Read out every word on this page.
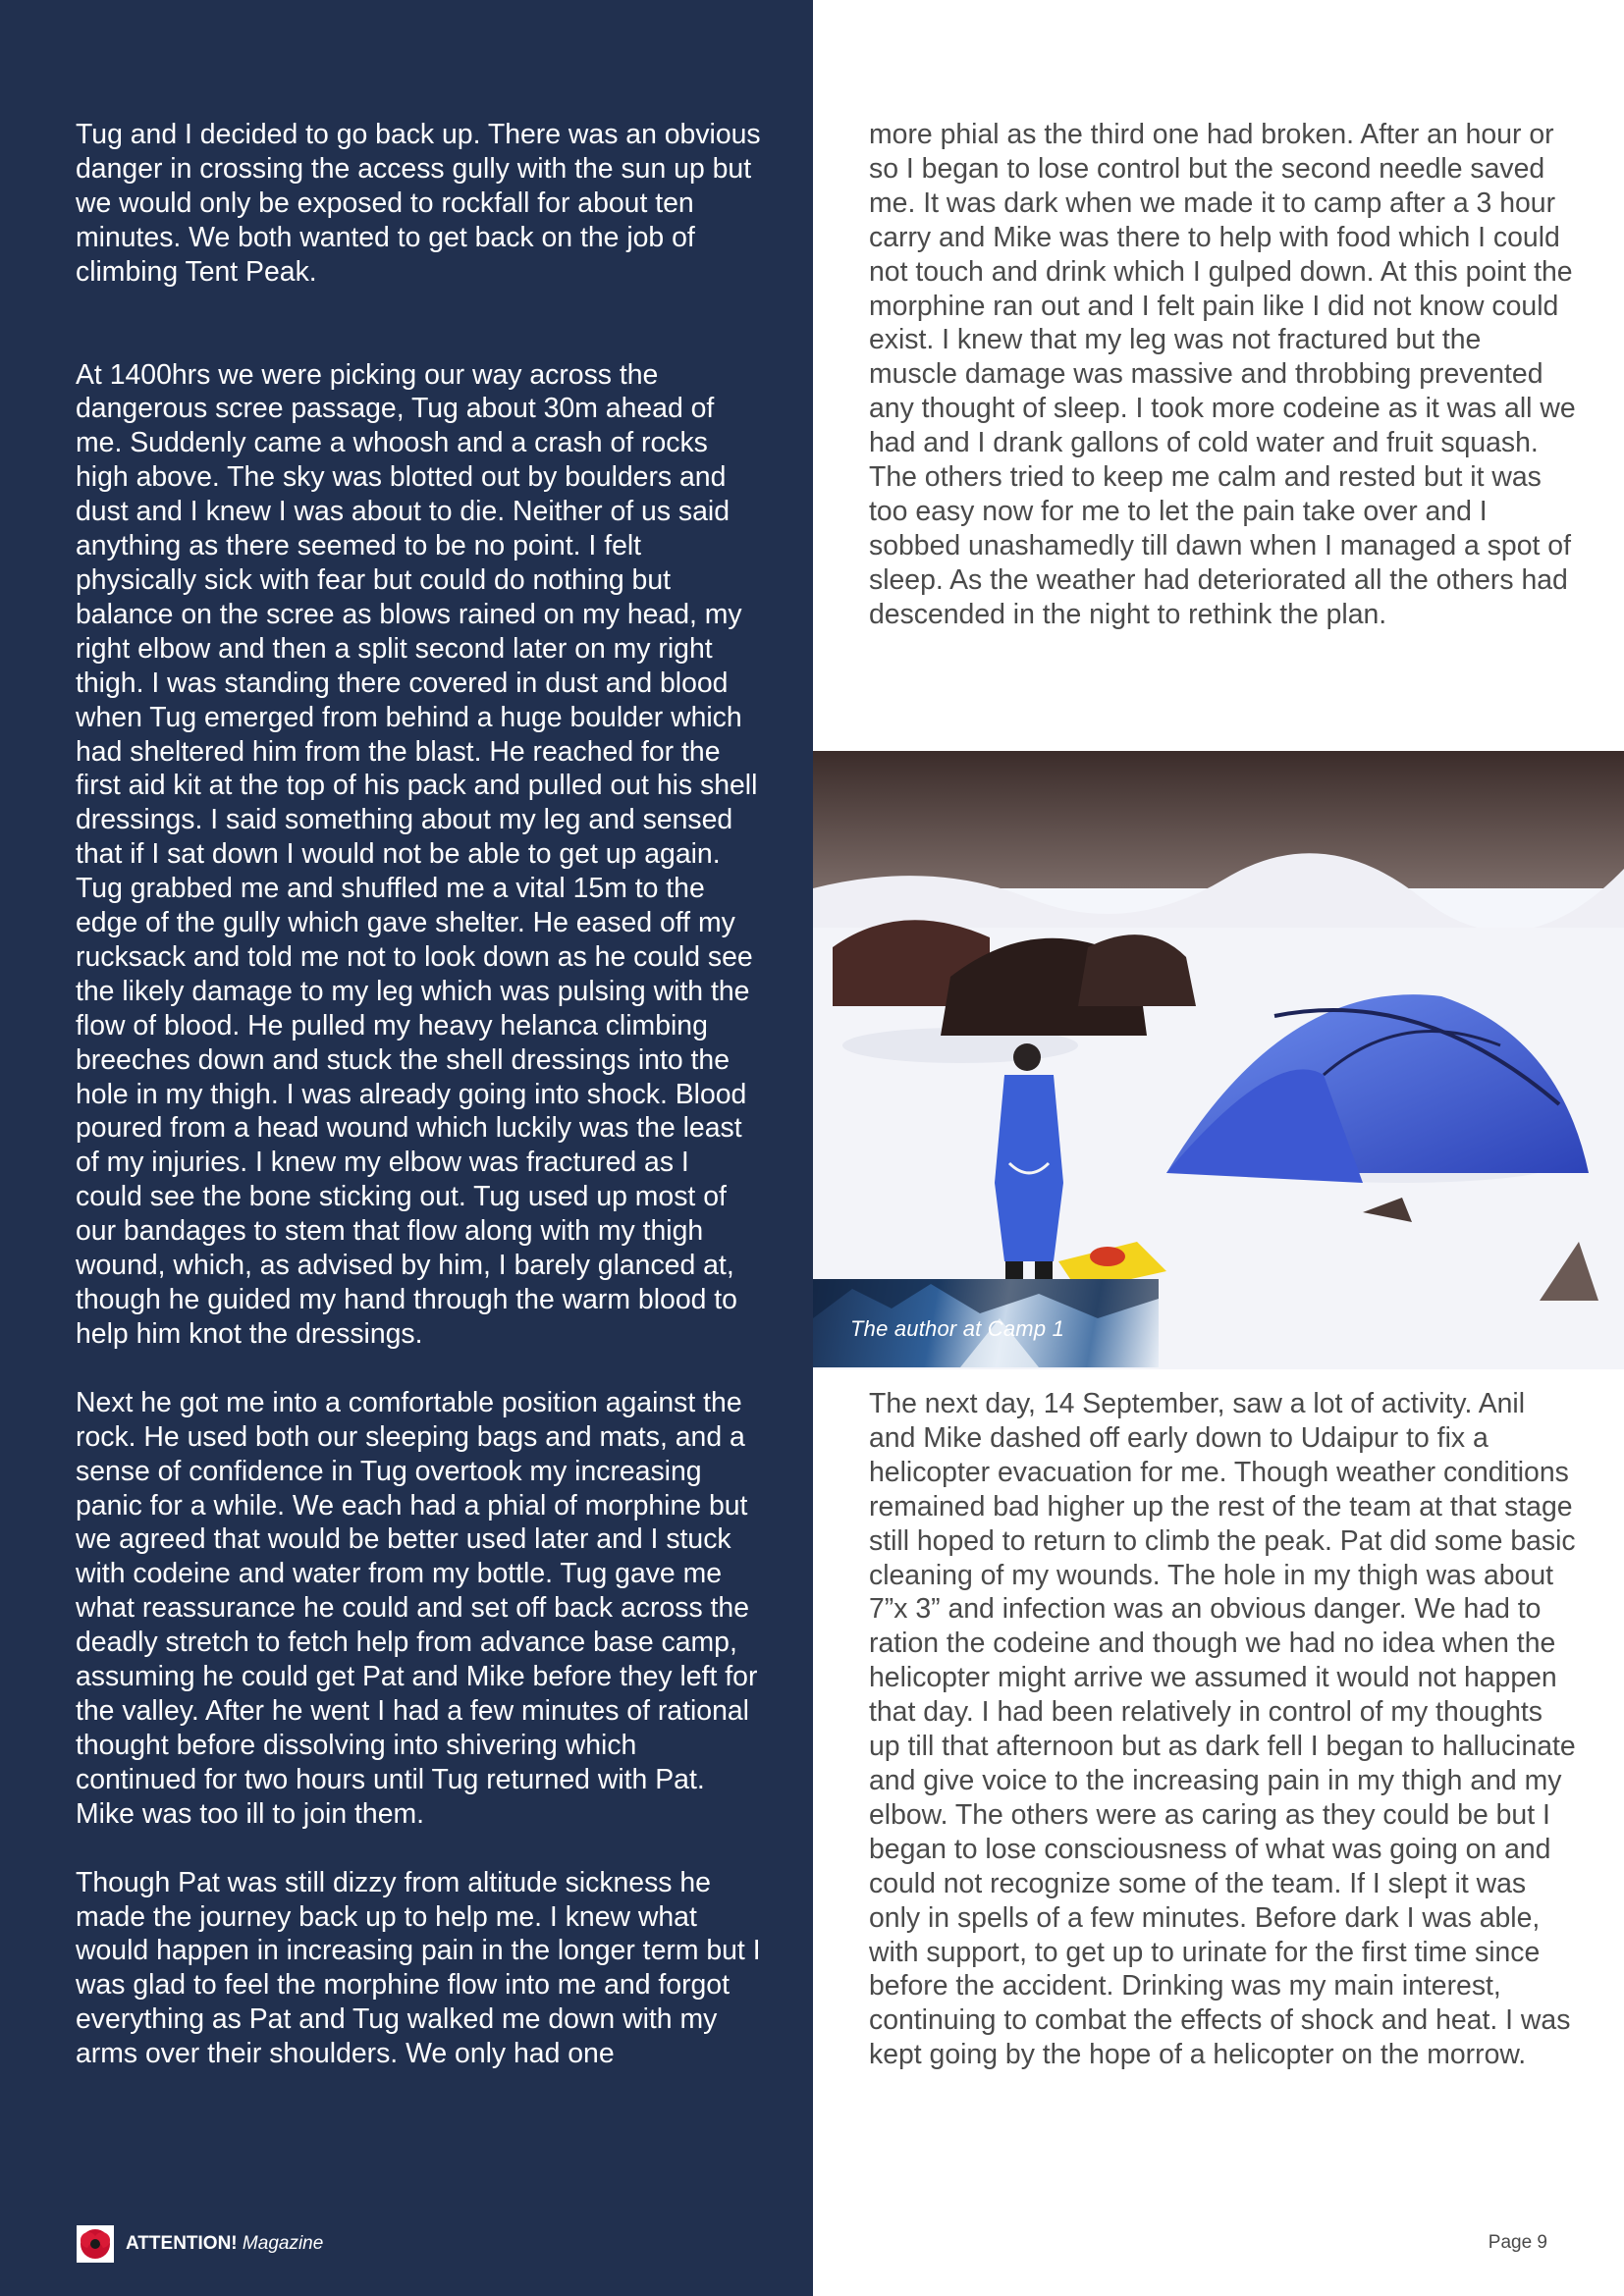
Tug and I decided to go back up. There was an obvious danger in crossing the access gully with the sun up but we would only be exposed to rockfall for about ten minutes. We both wanted to get back on the job of climbing Tent Peak.

At 1400hrs we were picking our way across the dangerous scree passage, Tug about 30m ahead of me. Suddenly came a whoosh and a crash of rocks high above. The sky was blotted out by boulders and dust and I knew I was about to die. Neither of us said anything as there seemed to be no point. I felt physically sick with fear but could do nothing but balance on the scree as blows rained on my head, my right elbow and then a split second later on my right thigh. I was standing there covered in dust and blood when Tug emerged from behind a huge boulder which had sheltered him from the blast. He reached for the first aid kit at the top of his pack and pulled out his shell dressings. I said something about my leg and sensed that if I sat down I would not be able to get up again. Tug grabbed me and shuffled me a vital 15m to the edge of the gully which gave shelter. He eased off my rucksack and told me not to look down as he could see the likely damage to my leg which was pulsing with the flow of blood. He pulled my heavy helanca climbing breeches down and stuck the shell dressings into the hole in my thigh. I was already going into shock. Blood poured from a head wound which luckily was the least of my injuries. I knew my elbow was fractured as I could see the bone sticking out. Tug used up most of our bandages to stem that flow along with my thigh wound, which, as advised by him, I barely glanced at, though he guided my hand through the warm blood to help him knot the dressings.

Next he got me into a comfortable position against the rock. He used both our sleeping bags and mats, and a sense of confidence in Tug overtook my increasing panic for a while. We each had a phial of morphine but we agreed that would be better used later and I stuck with codeine and water from my bottle. Tug gave me what reassurance he could and set off back across the deadly stretch to fetch help from advance base camp, assuming he could get Pat and Mike before they left for the valley. After he went I had a few minutes of rational thought before dissolving into shivering which continued for two hours until Tug returned with Pat. Mike was too ill to join them.

Though Pat was still dizzy from altitude sickness he made the journey back up to help me. I knew what would happen in increasing pain in the longer term but I was glad to feel the morphine flow into me and forgot everything as Pat and Tug walked me down with my arms over their shoulders. We only had one

more phial as the third one had broken. After an hour or so I began to lose control but the second needle saved me. It was dark when we made it to camp after a 3 hour carry and Mike was there to help with food which I could not touch and drink which I gulped down. At this point the morphine ran out and I felt pain like I did not know could exist. I knew that my leg was not fractured but the muscle damage was massive and throbbing prevented any thought of sleep. I took more codeine as it was all we had and I drank gallons of cold water and fruit squash. The others tried to keep me calm and rested but it was too easy now for me to let the pain take over and I sobbed unashamedly till dawn when I managed a spot of sleep. As the weather had deteriorated all the others had descended in the night to rethink the plan.

The author at Camp 1

The next day, 14 September, saw a lot of activity. Anil and Mike dashed off early down to Udaipur to fix a helicopter evacuation for me. Though weather conditions remained bad higher up the rest of the team at that stage still hoped to return to climb the peak. Pat did some basic cleaning of my wounds. The hole in my thigh was about 7”x 3” and infection was an obvious danger. We had to ration the codeine and though we had no idea when the helicopter might arrive we assumed it would not happen that day. I had been relatively in control of my thoughts up till that afternoon but as dark fell I began to hallucinate and give voice to the increasing pain in my thigh and my elbow. The others were as caring as they could be but I began to lose consciousness of what was going on and could not recognize some of the team. If I slept it was only in spells of a few minutes. Before dark I was able, with support, to get up to urinate for the first time since before the accident. Drinking was my main interest, continuing to combat the effects of shock and heat. I was kept going by the hope of a helicopter on the morrow.

ATTENTION! Magazine	Page 9
